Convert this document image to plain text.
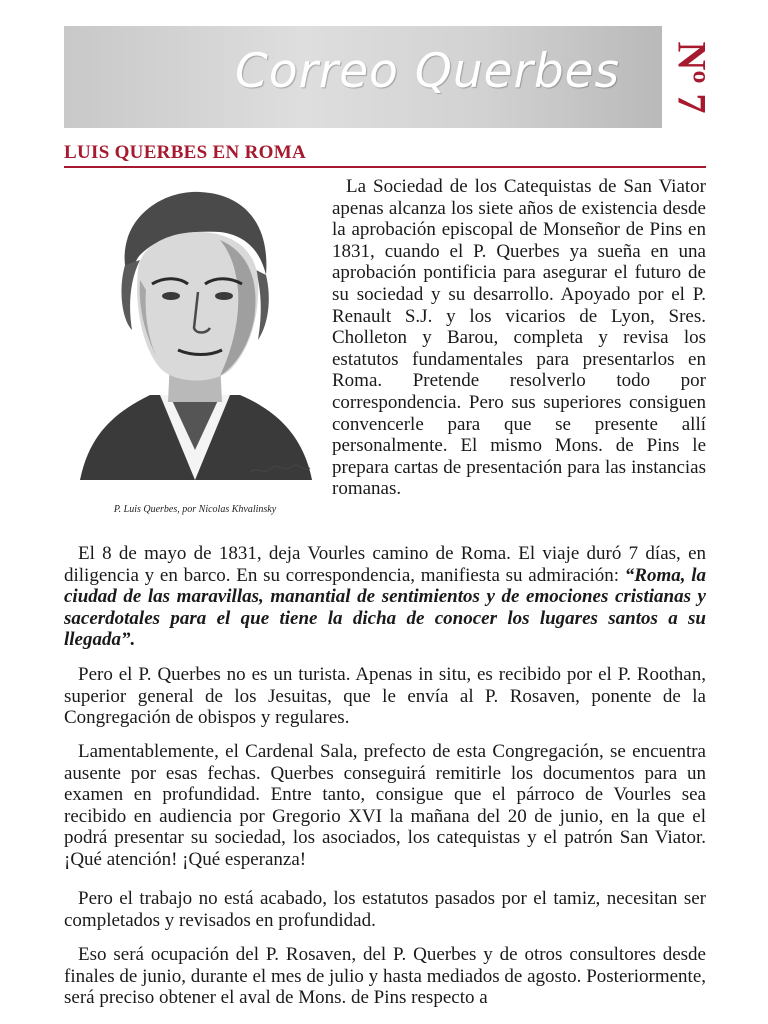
Correo Querbes	Nº 7
LUIS QUERBES EN ROMA
P. Luis Querbes, por Nicolas Khvalinsky

La Sociedad de los Catequistas de San Viator apenas alcanza los siete años de existencia desde la aprobación episcopal de Monseñor de Pins en 1831, cuando el P. Querbes ya sueña en una aprobación pontificia para asegurar el futuro de su sociedad y su desarrollo. Apoyado por el P. Renault S.J. y los vicarios de Lyon, Sres. Cholleton y Barou, completa y revisa los estatutos fundamentales para presentarlos en Roma. Pretende resolverlo todo por correspondencia. Pero sus superiores consiguen convencerle para que se presente allí personalmente. El mismo Mons. de Pins le prepara cartas de presentación para las instancias romanas.

El 8 de mayo de 1831, deja Vourles camino de Roma. El viaje duró 7 días, en diligencia y en barco. En su correspondencia, manifiesta su admiración: “Roma, la ciudad de las maravillas, manantial de sentimientos y de emociones cristianas y sacerdotales para el que tiene la dicha de conocer los lugares santos a su llegada”.

Pero el P. Querbes no es un turista. Apenas in situ, es recibido por el P. Roothan, superior general de los Jesuitas, que le envía al P. Rosaven, ponente de la Congregación de obispos y regulares.

Lamentablemente, el Cardenal Sala, prefecto de esta Congregación, se encuentra ausente por esas fechas. Querbes conseguirá remitirle los documentos para un examen en profundidad. Entre tanto, consigue que el párroco de Vourles sea recibido en audiencia por Gregorio XVI la mañana del 20 de junio, en la que el podrá presentar su sociedad, los asociados, los catequistas y el patrón San Viator. ¡Qué atención! ¡Qué esperanza!

Pero el trabajo no está acabado, los estatutos pasados por el tamiz, necesitan ser completados y revisados en profundidad.

Eso será ocupación del P. Rosaven, del P. Querbes y de otros consultores desde finales de junio, durante el mes de julio y hasta mediados de agosto. Posteriormente, será preciso obtener el aval de Mons. de Pins respecto a
